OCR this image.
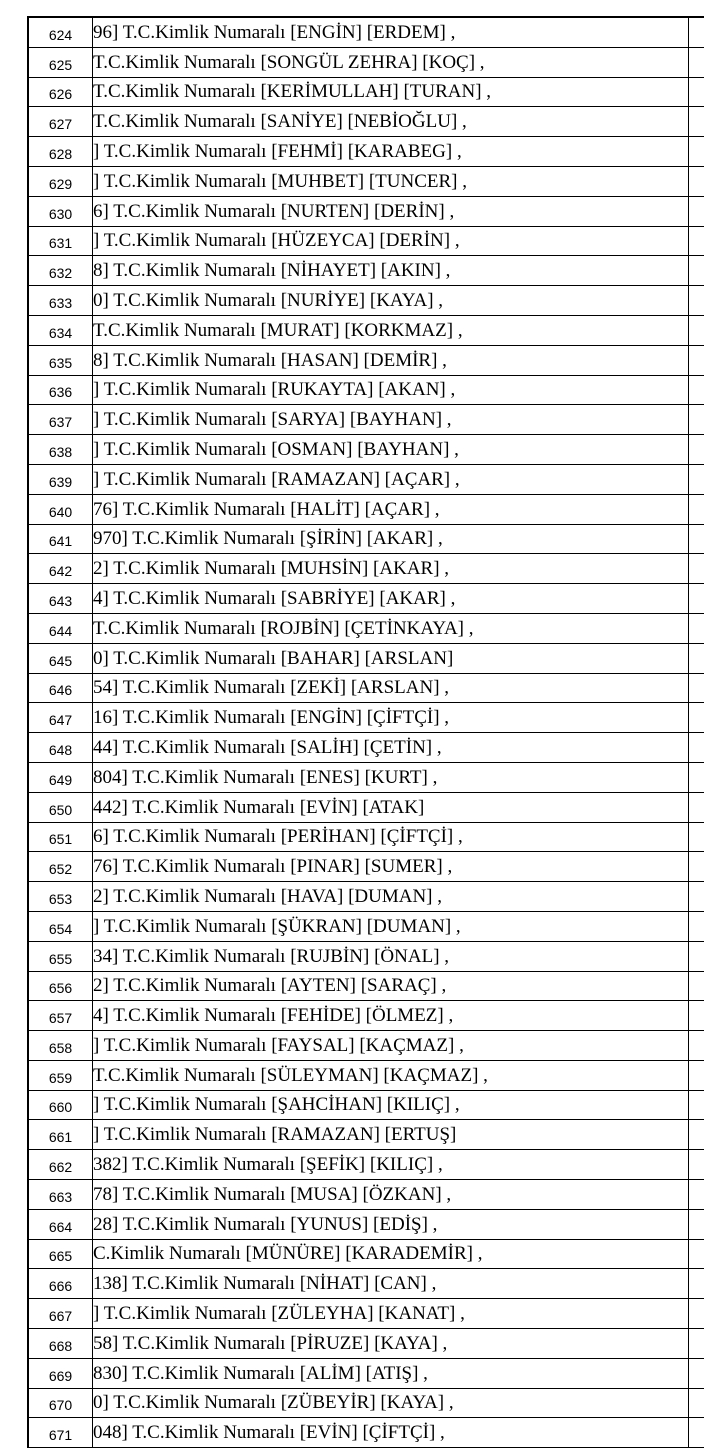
624	96] T.C.Kimlik Numaralı [ENGİN] [ERDEM] ,
625	T.C.Kimlik Numaralı [SONGÜL ZEHRA] [KOÇ] ,
626	T.C.Kimlik Numaralı [KERİMULLAH] [TURAN] ,
627	T.C.Kimlik Numaralı [SANİYE] [NEBİOĞLU] ,
628	] T.C.Kimlik Numaralı [FEHMİ] [KARABEG] ,
629	] T.C.Kimlik Numaralı [MUHBET] [TUNCER] ,
630	6] T.C.Kimlik Numaralı [NURTEN] [DERİN] ,
631	] T.C.Kimlik Numaralı [HÜZEYCA] [DERİN] ,
632	8] T.C.Kimlik Numaralı [NİHAYET] [AKIN] ,
633	0] T.C.Kimlik Numaralı [NURİYE] [KAYA] ,
634	T.C.Kimlik Numaralı [MURAT] [KORKMAZ] ,
635	8] T.C.Kimlik Numaralı [HASAN] [DEMİR] ,
636	] T.C.Kimlik Numaralı [RUKAYTA] [AKAN] ,
637	] T.C.Kimlik Numaralı [SARYA] [BAYHAN] ,
638	] T.C.Kimlik Numaralı [OSMAN] [BAYHAN] ,
639	] T.C.Kimlik Numaralı [RAMAZAN] [AÇAR] ,
640	76] T.C.Kimlik Numaralı [HALİT] [AÇAR] ,
641	970] T.C.Kimlik Numaralı [ŞİRİN] [AKAR] ,
642	2] T.C.Kimlik Numaralı [MUHSİN] [AKAR] ,
643	4] T.C.Kimlik Numaralı [SABRİYE] [AKAR] ,
644	T.C.Kimlik Numaralı [ROJBİN] [ÇETİNKAYA] ,
645	0] T.C.Kimlik Numaralı [BAHAR] [ARSLAN]
646	54] T.C.Kimlik Numaralı [ZEKİ] [ARSLAN] ,
647	16] T.C.Kimlik Numaralı [ENGİN] [ÇİFTÇİ] ,
648	44] T.C.Kimlik Numaralı [SALİH] [ÇETİN] ,
649	804] T.C.Kimlik Numaralı [ENES] [KURT] ,
650	442] T.C.Kimlik Numaralı [EVİN] [ATAK]
651	6] T.C.Kimlik Numaralı [PERİHAN] [ÇİFTÇİ] ,
652	76] T.C.Kimlik Numaralı [PINAR] [SUMER] ,
653	2] T.C.Kimlik Numaralı [HAVA] [DUMAN] ,
654	] T.C.Kimlik Numaralı [ŞÜKRAN] [DUMAN] ,
655	34] T.C.Kimlik Numaralı [RUJBİN] [ÖNAL] ,
656	2] T.C.Kimlik Numaralı [AYTEN] [SARAÇ] ,
657	4] T.C.Kimlik Numaralı [FEHİDE] [ÖLMEZ] ,
658	] T.C.Kimlik Numaralı [FAYSAL] [KAÇMAZ] ,
659	T.C.Kimlik Numaralı [SÜLEYMAN] [KAÇMAZ] ,
660	] T.C.Kimlik Numaralı [ŞAHCİHAN] [KILIÇ] ,
661	] T.C.Kimlik Numaralı [RAMAZAN] [ERTUŞ]
662	382] T.C.Kimlik Numaralı [ŞEFİK] [KILIÇ] ,
663	78] T.C.Kimlik Numaralı [MUSA] [ÖZKAN] ,
664	28] T.C.Kimlik Numaralı [YUNUS] [EDİŞ] ,
665	C.Kimlik Numaralı [MÜNÜRE] [KARADEMİR] ,
666	138] T.C.Kimlik Numaralı [NİHAT] [CAN] ,
667	] T.C.Kimlik Numaralı [ZÜLEYHA] [KANAT] ,
668	58] T.C.Kimlik Numaralı [PİRUZE] [KAYA] ,
669	830] T.C.Kimlik Numaralı [ALİM] [ATIŞ] ,
670	0] T.C.Kimlik Numaralı [ZÜBEYİR] [KAYA] ,
671	048] T.C.Kimlik Numaralı [EVİN] [ÇİFTÇİ] ,
